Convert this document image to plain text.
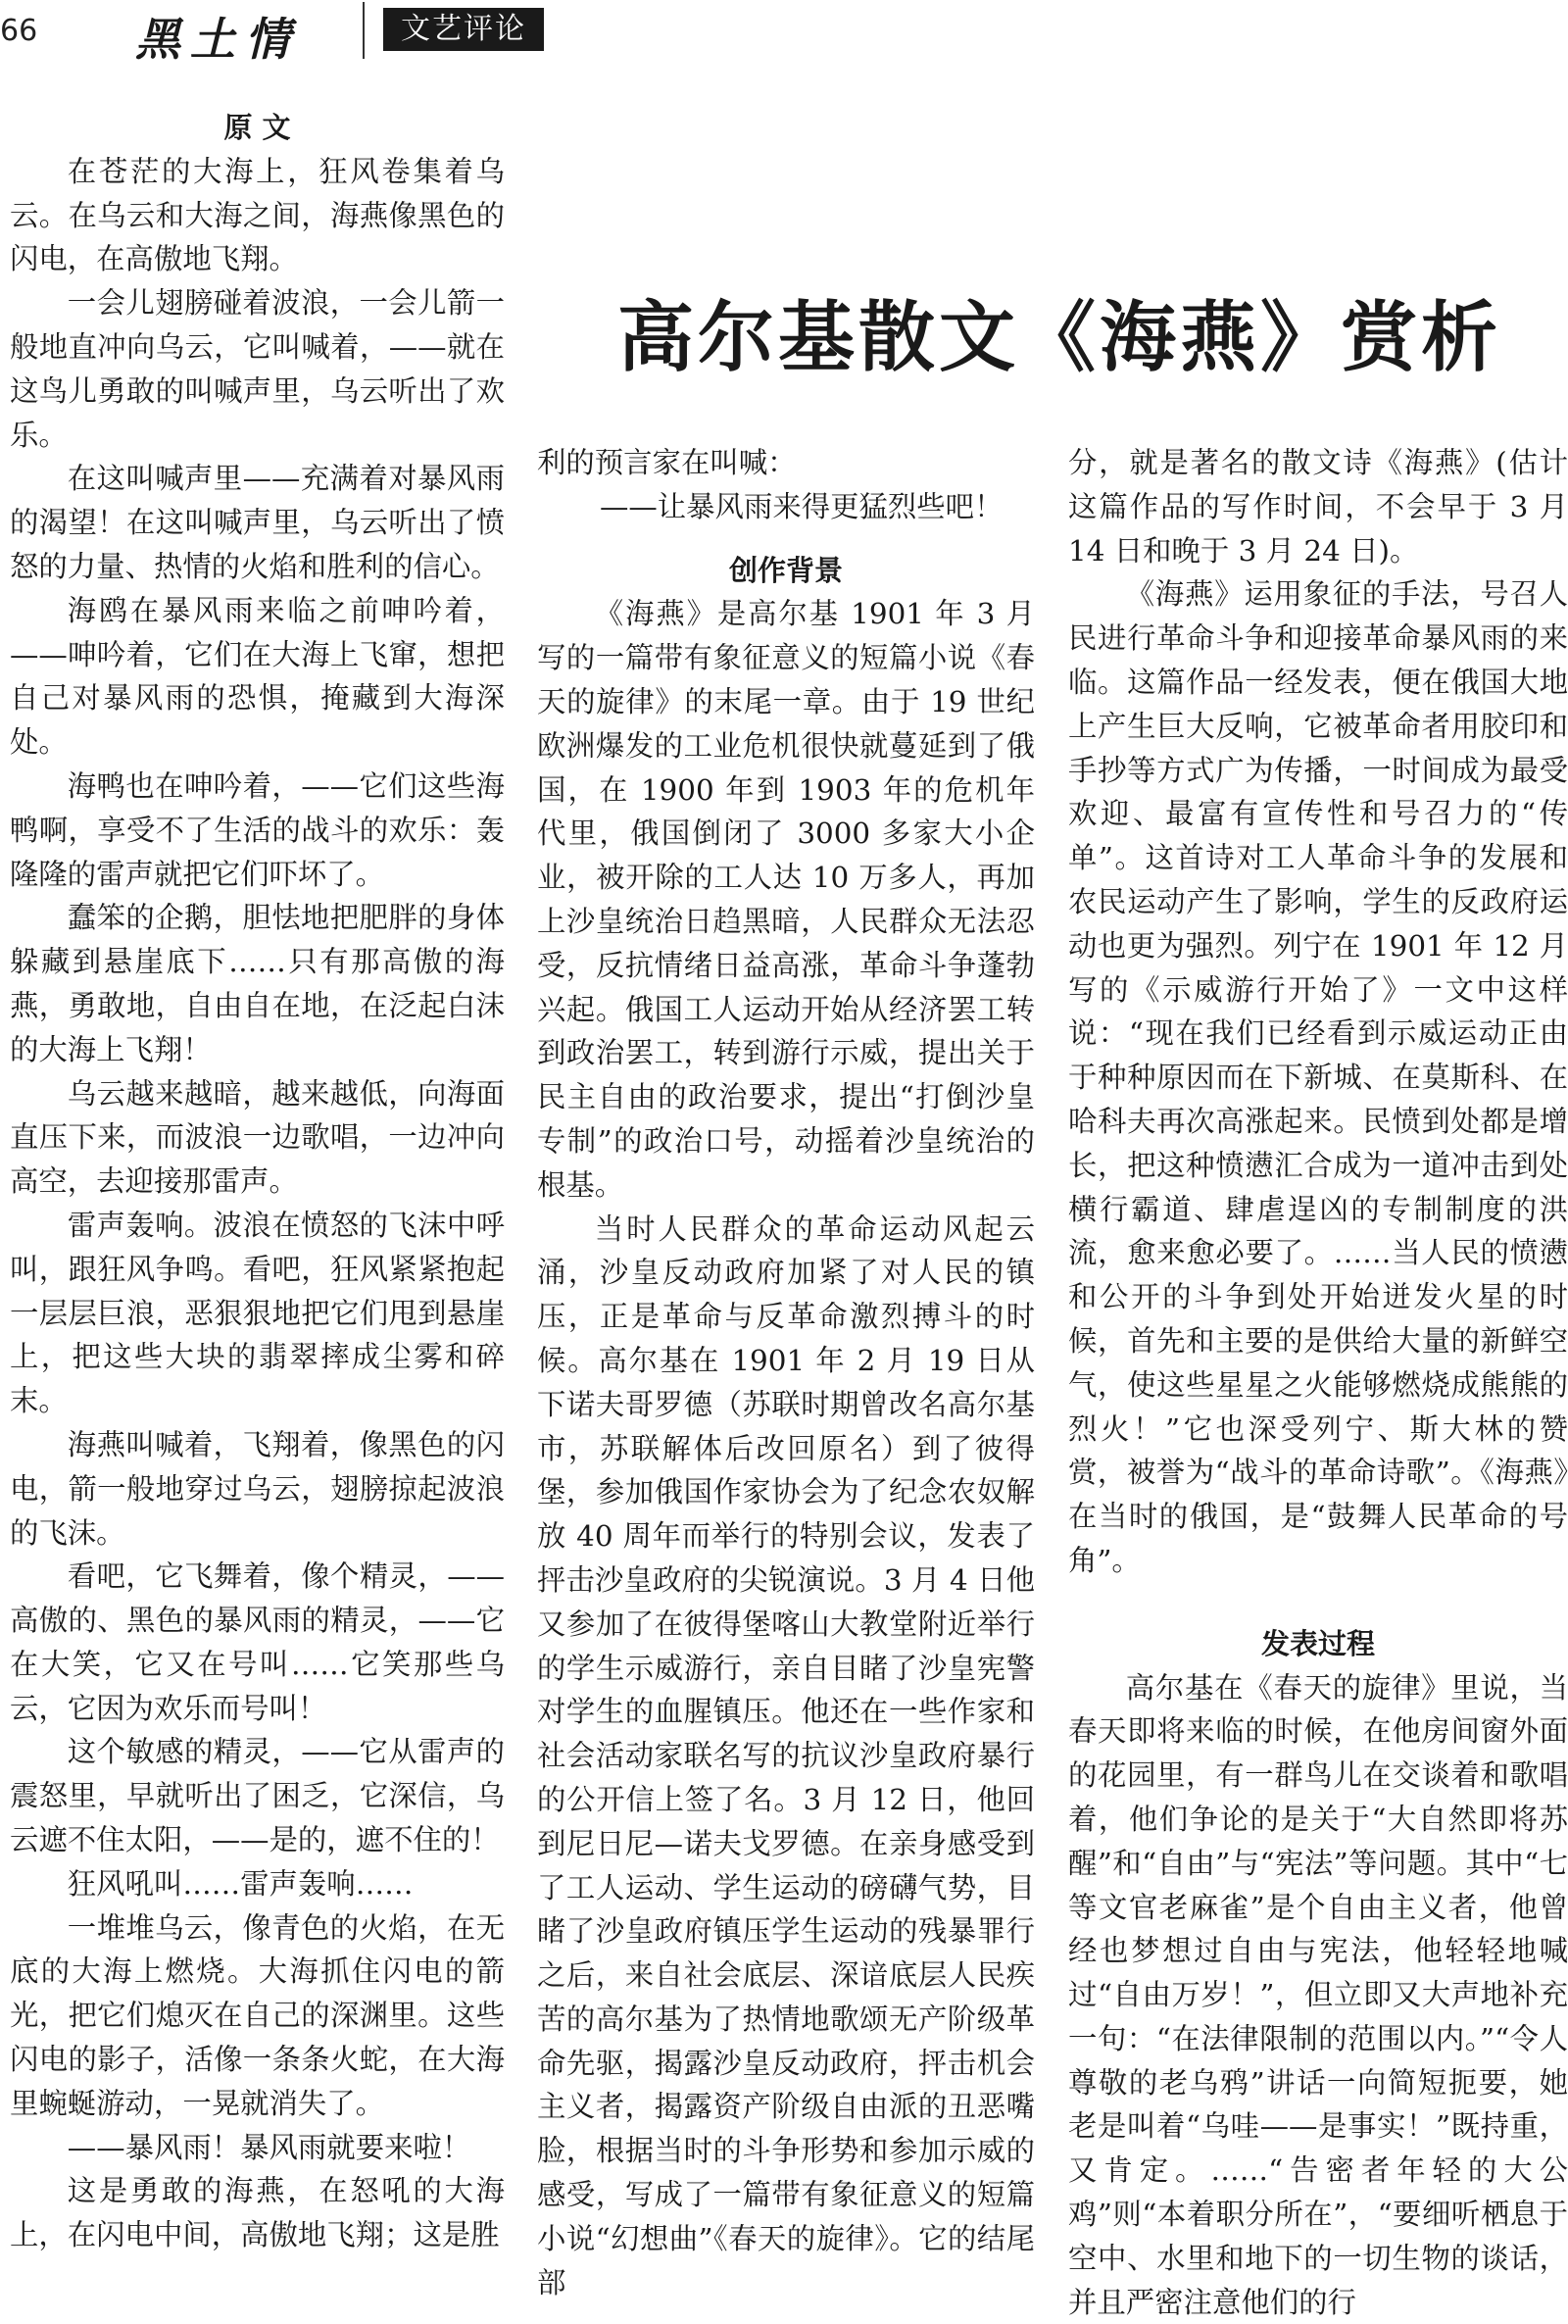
66 黑土情	文艺评论
高尔基散文《海燕》赏析
原 文

在苍茫的大海上，狂风卷集着乌云。在乌云和大海之间，海燕像黑色的闪电，在高傲地飞翔。

一会儿翅膀碰着波浪，一会儿箭一般地直冲向乌云，它叫喊着，——就在这鸟儿勇敢的叫喊声里，乌云听出了欢乐。

在这叫喊声里——充满着对暴风雨的渴望！在这叫喊声里，乌云听出了愤怒的力量、热情的火焰和胜利的信心。

海鸥在暴风雨来临之前呻吟着，——呻吟着，它们在大海上飞窜，想把自己对暴风雨的恐惧，掩藏到大海深处。

海鸭也在呻吟着，——它们这些海鸭啊，享受不了生活的战斗的欢乐：轰隆隆的雷声就把它们吓坏了。

蠢笨的企鹅，胆怯地把肥胖的身体躲藏到悬崖底下……只有那高傲的海燕，勇敢地，自由自在地，在泛起白沫的大海上飞翔！

乌云越来越暗，越来越低，向海面直压下来，而波浪一边歌唱，一边冲向高空，去迎接那雷声。

雷声轰响。波浪在愤怒的飞沫中呼叫，跟狂风争鸣。看吧，狂风紧紧抱起一层层巨浪，恶狠狠地把它们甩到悬崖上，把这些大块的翡翠摔成尘雾和碎末。

海燕叫喊着，飞翔着，像黑色的闪电，箭一般地穿过乌云，翅膀掠起波浪的飞沫。

看吧，它飞舞着，像个精灵，——高傲的、黑色的暴风雨的精灵，——它在大笑，它又在号叫……它笑那些乌云，它因为欢乐而号叫！

这个敏感的精灵，——它从雷声的震怒里，早就听出了困乏，它深信，乌云遮不住太阳，——是的，遮不住的！

狂风吼叫……雷声轰响……

一堆堆乌云，像青色的火焰，在无底的大海上燃烧。大海抓住闪电的箭光，把它们熄灭在自己的深渊里。这些闪电的影子，活像一条条火蛇，在大海里蜿蜒游动，一晃就消失了。

——暴风雨！暴风雨就要来啦！

这是勇敢的海燕，在怒吼的大海上，在闪电中间，高傲地飞翔；这是胜

利的预言家在叫喊：

——让暴风雨来得更猛烈些吧！

创作背景

《海燕》是高尔基 1901 年 3 月写的一篇带有象征意义的短篇小说《春天的旋律》的末尾一章。由于 19 世纪欧洲爆发的工业危机很快就蔓延到了俄国，在 1900 年到 1903 年的危机年代里，俄国倒闭了 3000 多家大小企业，被开除的工人达 10 万多人，再加上沙皇统治日趋黑暗，人民群众无法忍受，反抗情绪日益高涨，革命斗争蓬勃兴起。俄国工人运动开始从经济罢工转到政治罢工，转到游行示威，提出关于民主自由的政治要求，提出“打倒沙皇专制”的政治口号，动摇着沙皇统治的根基。

当时人民群众的革命运动风起云涌，沙皇反动政府加紧了对人民的镇压，正是革命与反革命激烈搏斗的时候。高尔基在 1901 年 2 月 19 日从下诺夫哥罗德（苏联时期曾改名高尔基市，苏联解体后改回原名）到了彼得堡，参加俄国作家协会为了纪念农奴解放 40 周年而举行的特别会议，发表了抨击沙皇政府的尖锐演说。3 月 4 日他又参加了在彼得堡喀山大教堂附近举行的学生示威游行，亲自目睹了沙皇宪警对学生的血腥镇压。他还在一些作家和社会活动家联名写的抗议沙皇政府暴行的公开信上签了名。3 月 12 日，他回到尼日尼—诺夫戈罗德。在亲身感受到了工人运动、学生运动的磅礴气势，目睹了沙皇政府镇压学生运动的残暴罪行之后，来自社会底层、深谙底层人民疾苦的高尔基为了热情地歌颂无产阶级革命先驱，揭露沙皇反动政府，抨击机会主义者，揭露资产阶级自由派的丑恶嘴脸，根据当时的斗争形势和参加示威的感受，写成了一篇带有象征意义的短篇小说“幻想曲”《春天的旋律》。它的结尾部

分，就是著名的散文诗《海燕》(估计这篇作品的写作时间，不会早于 3 月 14 日和晚于 3 月 24 日)。

《海燕》运用象征的手法，号召人民进行革命斗争和迎接革命暴风雨的来临。这篇作品一经发表，便在俄国大地上产生巨大反响，它被革命者用胶印和手抄等方式广为传播，一时间成为最受欢迎、最富有宣传性和号召力的“传单”。这首诗对工人革命斗争的发展和农民运动产生了影响，学生的反政府运动也更为强烈。列宁在 1901 年 12 月写的《示威游行开始了》一文中这样说：“现在我们已经看到示威运动正由于种种原因而在下新城、在莫斯科、在哈科夫再次高涨起来。民愤到处都是增长，把这种愤懑汇合成为一道冲击到处横行霸道、肆虐逞凶的专制制度的洪流，愈来愈必要了。……当人民的愤懑和公开的斗争到处开始迸发火星的时候，首先和主要的是供给大量的新鲜空气，使这些星星之火能够燃烧成熊熊的烈火！”它也深受列宁、斯大林的赞赏，被誉为“战斗的革命诗歌”。《海燕》在当时的俄国，是“鼓舞人民革命的号角”。

发表过程

高尔基在《春天的旋律》里说，当春天即将来临的时候，在他房间窗外面的花园里，有一群鸟儿在交谈着和歌唱着，他们争论的是关于“大自然即将苏醒”和“自由”与“宪法”等问题。其中“七等文官老麻雀”是个自由主义者，他曾经也梦想过自由与宪法，他轻轻地喊过“自由万岁！”，但立即又大声地补充一句：“在法律限制的范围以内。”“令人尊敬的老乌鸦”讲话一向简短扼要，她老是叫着“乌哇——是事实！”既持重，又肯定。……“告密者年轻的大公鸡”则“本着职分所在”，“要细听栖息于空中、水里和地下的一切生物的谈话，并且严密注意他们的行
